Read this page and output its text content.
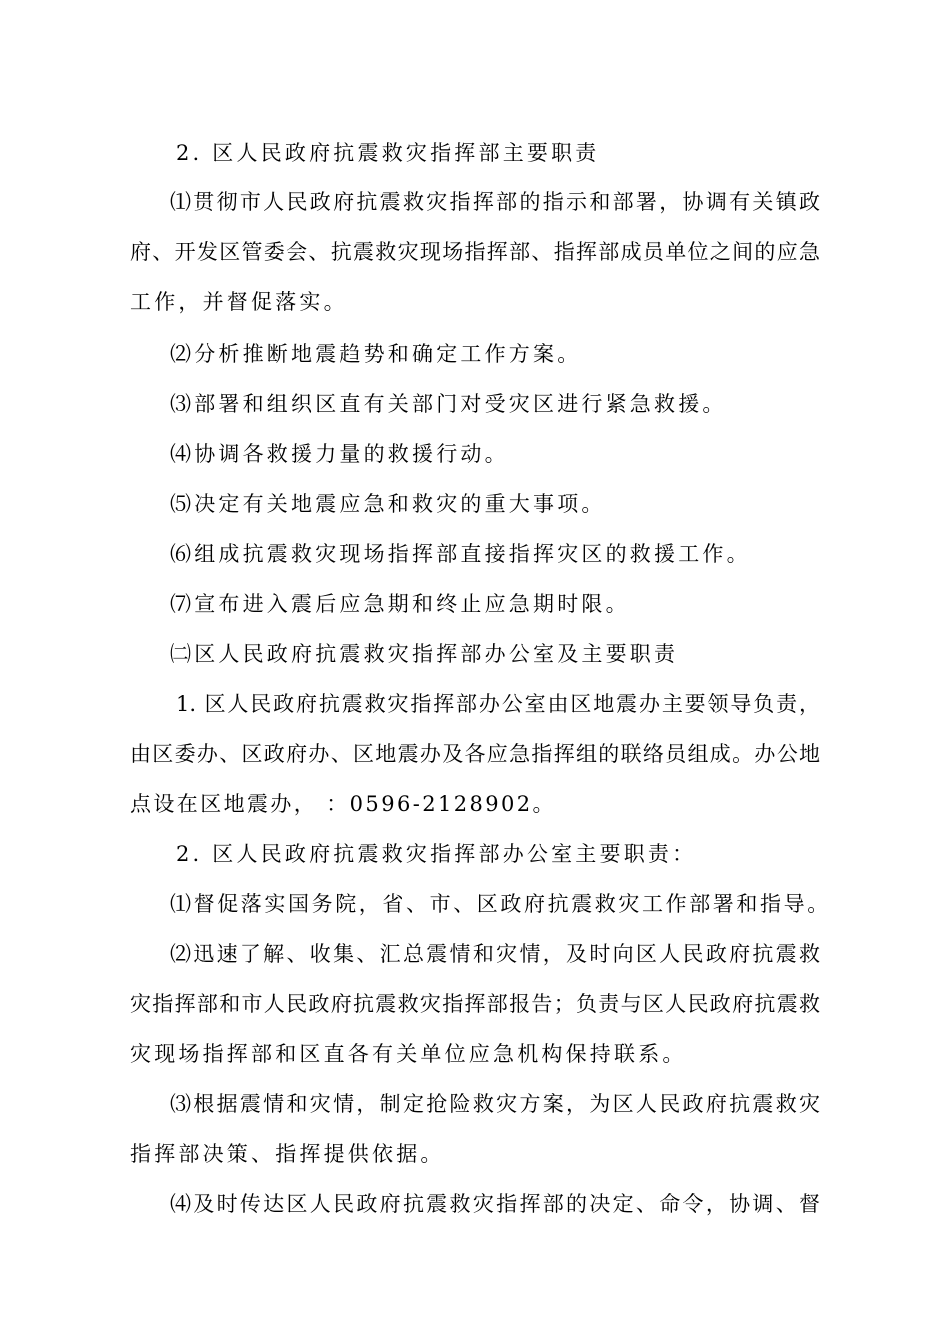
2. 区人民政府抗震救灾指挥部主要职责
⑴贯彻市人民政府抗震救灾指挥部的指示和部署，协调有关镇政
府、开发区管委会、抗震救灾现场指挥部、指挥部成员单位之间的应急
工作，并督促落实。
⑵分析推断地震趋势和确定工作方案。
⑶部署和组织区直有关部门对受灾区进行紧急救援。
⑷协调各救援力量的救援行动。
⑸决定有关地震应急和救灾的重大事项。
⑹组成抗震救灾现场指挥部直接指挥灾区的救援工作。
⑺宣布进入震后应急期和终止应急期时限。
㈡区人民政府抗震救灾指挥部办公室及主要职责
1. 区人民政府抗震救灾指挥部办公室由区地震办主要领导负责，
由区委办、区政府办、区地震办及各应急指挥组的联络员组成。办公地
点设在区地震办， ：0596-2128902。
2. 区人民政府抗震救灾指挥部办公室主要职责：
⑴督促落实国务院，省、市、区政府抗震救灾工作部署和指导。
⑵迅速了解、收集、汇总震情和灾情，及时向区人民政府抗震救
灾指挥部和市人民政府抗震救灾指挥部报告；负责与区人民政府抗震救
灾现场指挥部和区直各有关单位应急机构保持联系。
⑶根据震情和灾情，制定抢险救灾方案，为区人民政府抗震救灾
指挥部决策、指挥提供依据。
⑷及时传达区人民政府抗震救灾指挥部的决定、命令，协调、督
